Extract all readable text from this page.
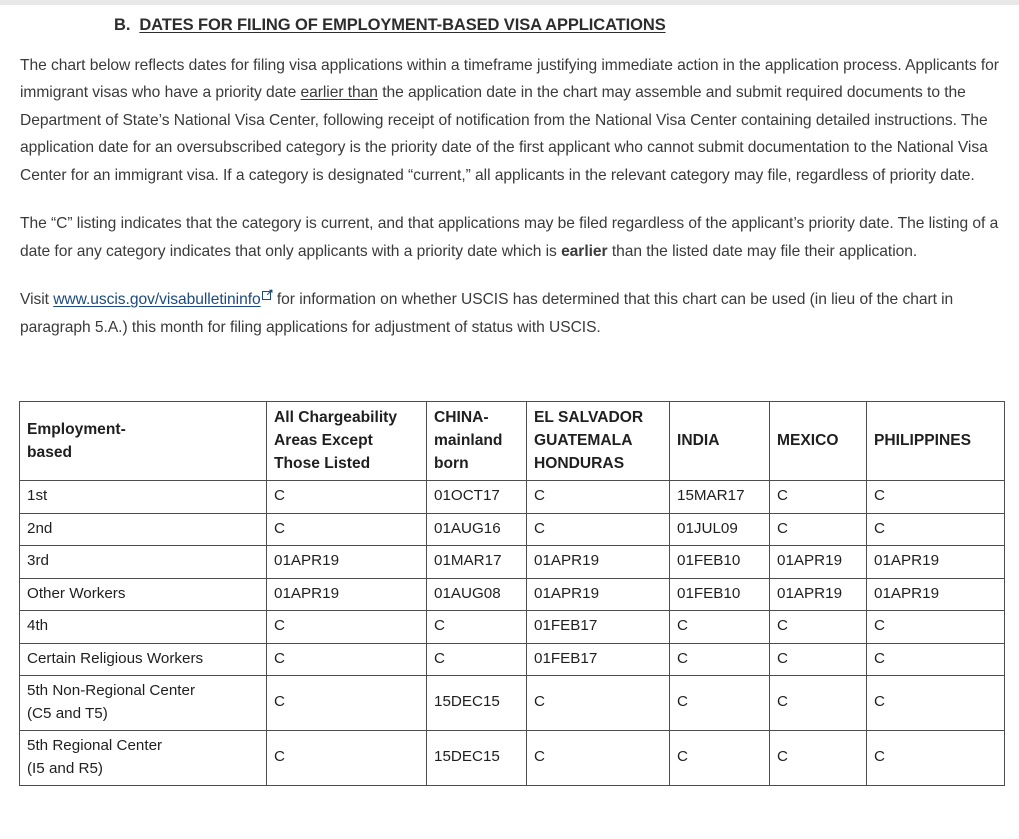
B. DATES FOR FILING OF EMPLOYMENT-BASED VISA APPLICATIONS

The chart below reflects dates for filing visa applications within a timeframe justifying immediate action in the application process. Applicants for immigrant visas who have a priority date earlier than the application date in the chart may assemble and submit required documents to the Department of State’s National Visa Center, following receipt of notification from the National Visa Center containing detailed instructions. The application date for an oversubscribed category is the priority date of the first applicant who cannot submit documentation to the National Visa Center for an immigrant visa. If a category is designated “current,” all applicants in the relevant category may file, regardless of priority date.

The “C” listing indicates that the category is current, and that applications may be filed regardless of the applicant’s priority date. The listing of a date for any category indicates that only applicants with a priority date which is earlier than the listed date may file their application.

Visit www.uscis.gov/visabulletininfo
for information on whether USCIS has determined that this chart can be used (in lieu of the chart in paragraph 5.A.) this month for filing applications for adjustment of status with USCIS.

Employment-
based	All Chargeability
Areas Except
Those Listed	CHINA-
mainland
born	EL SALVADOR
GUATEMALA
HONDURAS	INDIA	MEXICO	PHILIPPINES
1st	C	01OCT17	C	15MAR17	C	C
2nd	C	01AUG16	C	01JUL09	C	C
3rd	01APR19	01MAR17	01APR19	01FEB10	01APR19	01APR19
Other Workers	01APR19	01AUG08	01APR19	01FEB10	01APR19	01APR19
4th	C	C	01FEB17	C	C	C
Certain Religious Workers	C	C	01FEB17	C	C	C
5th Non-Regional Center
(C5 and T5)	C	15DEC15	C	C	C	C
5th Regional Center
(I5 and R5)	C	15DEC15	C	C	C	C
